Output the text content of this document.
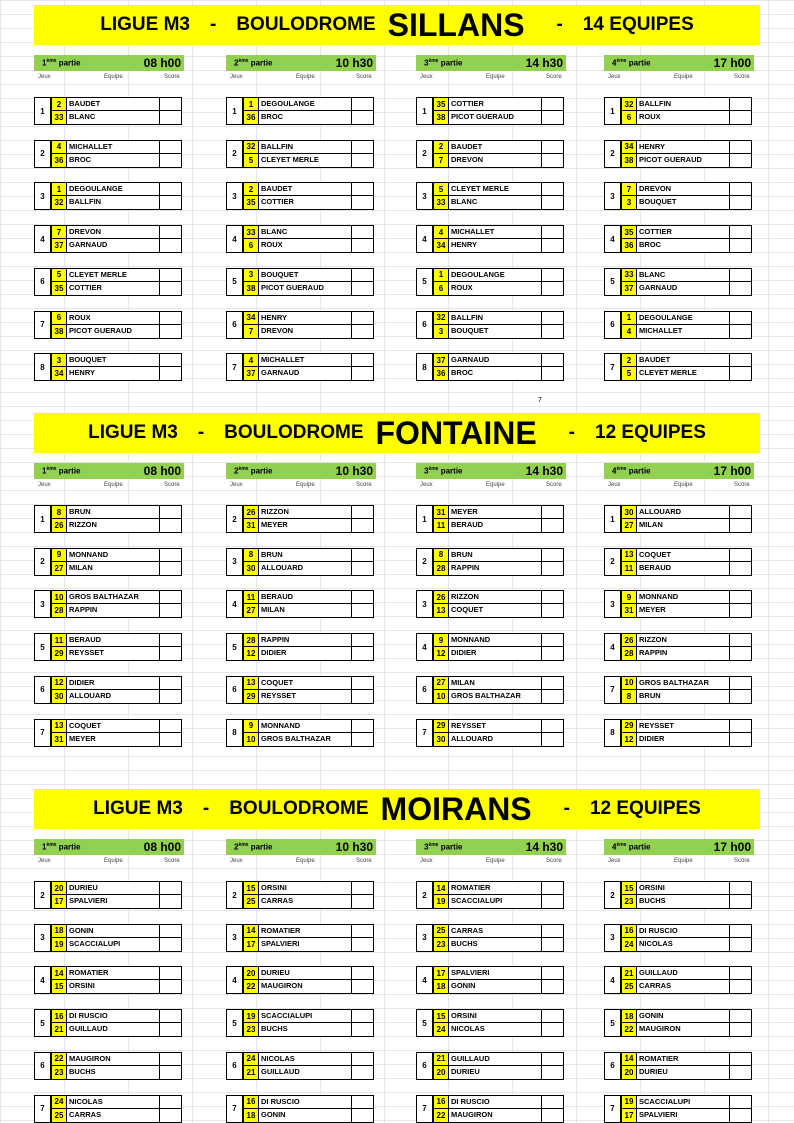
LIGUE M3 - BOULODROME SILLANS - 14 EQUIPES
1ème partie	08 h00
Jeux	Equipe	Score
1
2	BAUDET
33 BLANC
2
4	MICHALLET
36 BROC
3
1	DEGOULANGE
32 BALLFIN
4
7	DREVON
37 GARNAUD
6
5	CLEYET MERLE
35 COTTIER
7
6	ROUX
38 PICOT GUERAUD
8
3	BOUQUET
34 HENRY
2ème partie	10 h30
Jeux	Equipe	Score
1
1	DEGOULANGE
36 BROC
2
32 BALLFIN
5	CLEYET MERLE
3
2	BAUDET
35 COTTIER
4
33 BLANC
6	ROUX
5
3	BOUQUET
38 PICOT GUERAUD
6
34 HENRY
7	DREVON
7
4	MICHALLET
37 GARNAUD
3ème partie	14 h30
Jeux	Equipe	Score
1
35 COTTIER
38 PICOT GUERAUD
2
2	BAUDET
7	DREVON
3
5	CLEYET MERLE
33 BLANC
4
4	MICHALLET
34 HENRY
5
1	DEGOULANGE
6	ROUX
6
32 BALLFIN
3	BOUQUET
8
37 GARNAUD
36 BROC
4ème partie	17 h00
Jeux	Equipe	Score
1
32 BALLFIN
6	ROUX
2
34 HENRY
38 PICOT GUERAUD
3
7	DREVON
3	BOUQUET
4
35 COTTIER
36 BROC
5
33 BLANC
37 GARNAUD
6
1	DEGOULANGE
4	MICHALLET
7
2	BAUDET
5	CLEYET MERLE
LIGUE M3 - BOULODROME FONTAINE - 12 EQUIPES
1ème partie	08 h00
Jeux	Equipe	Score
1
8	BRUN
26 RIZZON
2
9	MONNAND
27 MILAN
3
10 GROS BALTHAZAR
28 RAPPIN
5
11 BERAUD
29 REYSSET
6
12 DIDIER
30 ALLOUARD
7
13 COQUET
31 MEYER
2ème partie	10 h30
Jeux	Equipe	Score
2
26 RIZZON
31 MEYER
3
8	BRUN
30 ALLOUARD
4
11 BERAUD
27 MILAN
5
28 RAPPIN
12 DIDIER
6
13 COQUET
29 REYSSET
8
9	MONNAND
10 GROS BALTHAZAR
3ème partie	14 h30
Jeux	Equipe	Score
1
31 MEYER
11 BERAUD
2
8	BRUN
28 RAPPIN
3
26 RIZZON
13 COQUET
4
9	MONNAND
12 DIDIER
6
27 MILAN
10 GROS BALTHAZAR
7
29 REYSSET
30 ALLOUARD
4ème partie	17 h00
Jeux	Equipe	Score
1
30 ALLOUARD
27 MILAN
2
13 COQUET
11 BERAUD
3
9	MONNAND
31 MEYER
4
26 RIZZON
28 RAPPIN
7
10 GROS BALTHAZAR
8	BRUN
8
29 REYSSET
12 DIDIER
LIGUE M3 - BOULODROME MOIRANS - 12 EQUIPES
1ème partie	08 h00
Jeux	Equipe	Score
2
20 DURIEU
17 SPALVIERI
3
18 GONIN
19 SCACCIALUPI
4
14 ROMATIER
15 ORSINI
5
16 DI RUSCIO
21 GUILLAUD
6
22 MAUGIRON
23 BUCHS
7
24 NICOLAS
25 CARRAS
2ème partie	10 h30
Jeux	Equipe	Score
2
15 ORSINI
25 CARRAS
3
14 ROMATIER
17 SPALVIERI
4
20 DURIEU
22 MAUGIRON
5
19 SCACCIALUPI
23 BUCHS
6
24 NICOLAS
21 GUILLAUD
7
16 DI RUSCIO
18 GONIN
3ème partie	14 h30
Jeux	Equipe	Score
2
14 ROMATIER
19 SCACCIALUPI
3
25 CARRAS
23 BUCHS
4
17 SPALVIERI
18 GONIN
5
15 ORSINI
24 NICOLAS
6
21 GUILLAUD
20 DURIEU
7
16 DI RUSCIO
22 MAUGIRON
4ème partie	17 h00
Jeux	Equipe	Score
2
15 ORSINI
23 BUCHS
3
16 DI RUSCIO
24 NICOLAS
4
21 GUILLAUD
25 CARRAS
5
18 GONIN
22 MAUGIRON
6
14 ROMATIER
20 DURIEU
7
19 SCACCIALUPI
17 SPALVIERI
7
